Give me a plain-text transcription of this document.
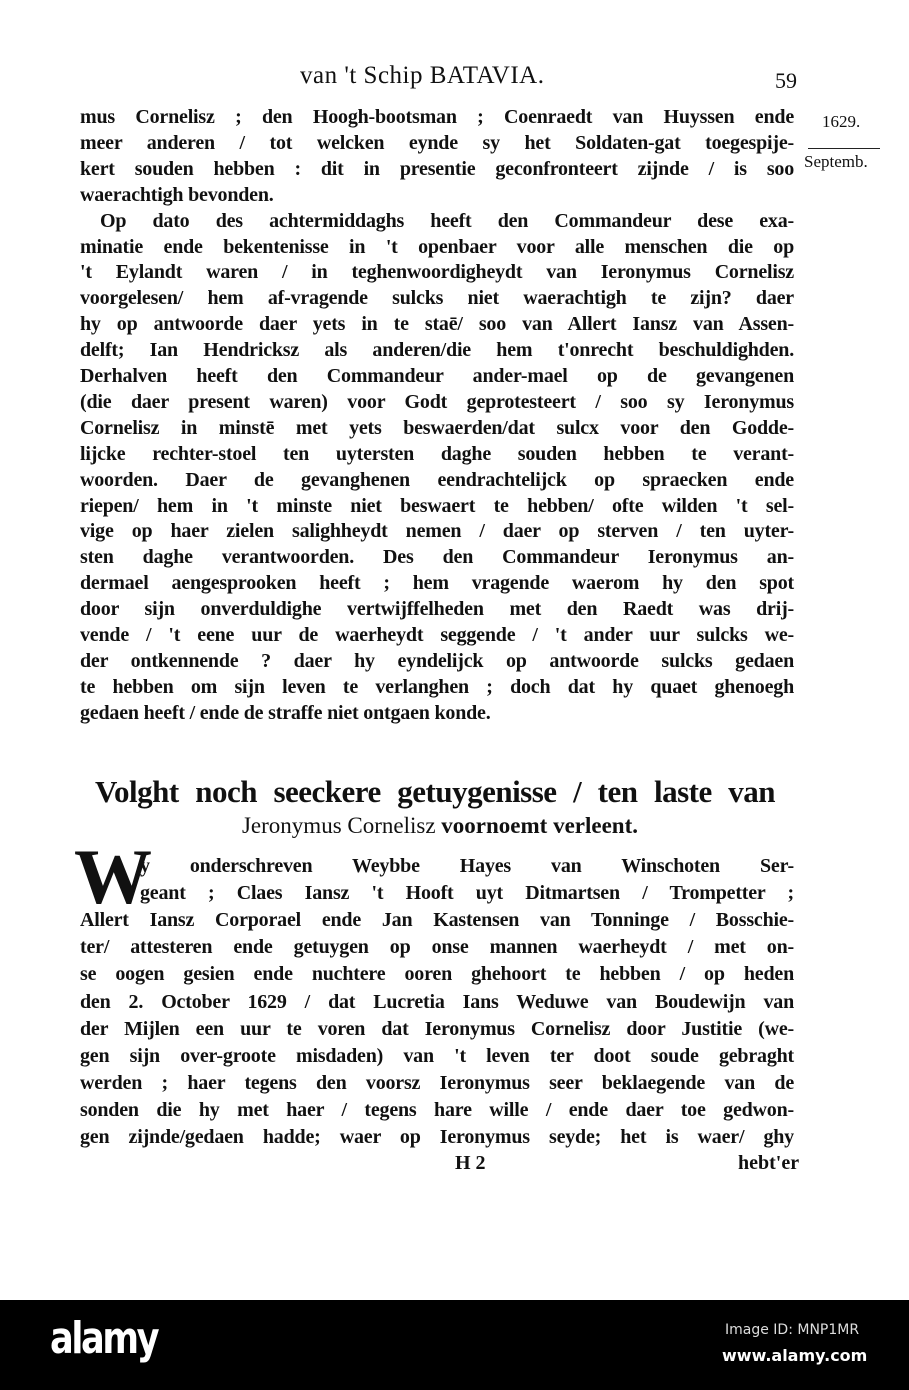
van 't Schip BATAVIA.	59
1629.
Septemb.
mus Cornelisz ; den Hoogh-bootsman ; Coenraedt van Huyssen ende
meer anderen / tot welcken eynde sy het Soldaten-gat toegespije-
kert souden hebben : dit in presentie geconfronteert zijnde / is soo
waerachtigh bevonden.
Op dato des achtermiddaghs heeft den Commandeur dese exa-
minatie ende bekentenisse in 't openbaer voor alle menschen die op
't Eylandt waren / in teghenwoordigheydt van Ieronymus Cornelisz
voorgelesen/ hem af-vragende sulcks niet waerachtigh te zijn? daer
hy op antwoorde daer yets in te staē/ soo van Allert Iansz van Assen-
delft; Ian Hendricksz als anderen/die hem t'onrecht beschuldighden.
Derhalven heeft den Commandeur ander-mael op de gevangenen
(die daer present waren) voor Godt geprotesteert / soo sy Ieronymus
Cornelisz in minstē met yets beswaerden/dat sulcx voor den Godde-
lijcke rechter-stoel ten uytersten daghe souden hebben te verant-
woorden. Daer de gevanghenen eendrachtelijck op spraecken ende
riepen/ hem in 't minste niet beswaert te hebben/ ofte wilden 't sel-
vige op haer zielen salighheydt nemen / daer op sterven / ten uyter-
sten daghe verantwoorden. Des den Commandeur Ieronymus an-
dermael aengesprooken heeft ; hem vragende waerom hy den spot
door sijn onverduldighe vertwijffelheden met den Raedt was drij-
vende / 't eene uur de waerheydt seggende / 't ander uur sulcks we-
der ontkennende ? daer hy eyndelijck op antwoorde sulcks gedaen
te hebben om sijn leven te verlanghen ; doch dat hy quaet ghenoegh
gedaen heeft / ende de straffe niet ontgaen konde.
Volght noch seeckere getuygenisse / ten laste van
Jeronymus Cornelisz voornoemt verleent.
W
y onderschreven Weybbe Hayes van Winschoten Ser-
geant ; Claes Iansz 't Hooft uyt Ditmartsen / Trompetter ;
Allert Iansz Corporael ende Jan Kastensen van Tonninge / Bosschie-
ter/ attesteren ende getuygen op onse mannen waerheydt / met on-
se oogen gesien ende nuchtere ooren ghehoort te hebben / op heden
den 2. October 1629 / dat Lucretia Ians Weduwe van Boudewijn van
der Mijlen een uur te voren dat Ieronymus Cornelisz door Justitie (we-
gen sijn over-groote misdaden) van 't leven ter doot soude gebraght
werden ; haer tegens den voorsz Ieronymus seer beklaegende van de
sonden die hy met haer / tegens hare wille / ende daer toe gedwon-
gen zijnde/gedaen hadde; waer op Ieronymus seyde; het is waer/ ghy
H 2	hebt'er
alamy	Image ID: MNP1MR
www.alamy.com
